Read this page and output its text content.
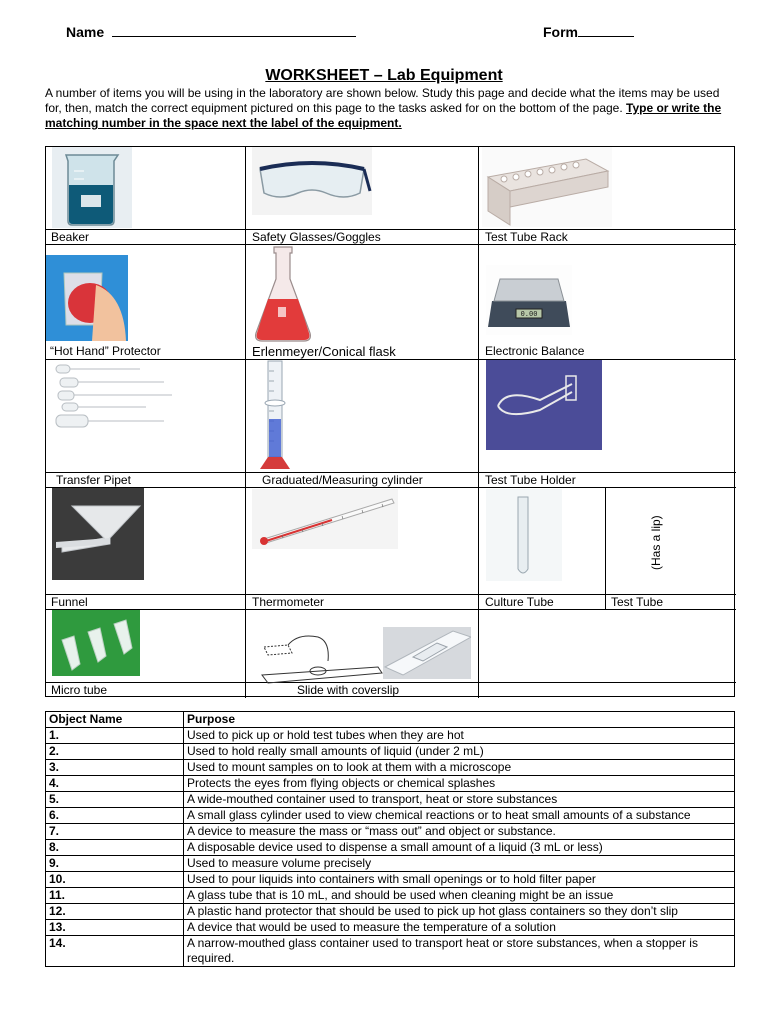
Name	Form
WORKSHEET – Lab Equipment
A number of items you will be using in the laboratory are shown below. Study this page and decide what the items may be used for, then, match the correct equipment pictured on this page to the tasks asked for on the bottom of the page. Type or write the matching number in the space next the label of the equipment.
Beaker	Safety Glasses/Goggles	Test Tube Rack
0.00
“Hot Hand” Protector	Erlenmeyer/Conical flask	Electronic Balance
Transfer Pipet	Graduated/Measuring cylinder	Test Tube Holder
(Has a lip)
Funnel	Thermometer	Culture Tube	Test Tube
Micro tube	Slide with coverslip
Object Name	Purpose
1.	Used to pick up or hold test tubes when they are hot
2.	Used to hold really small amounts of liquid (under 2 mL)
3.	Used to mount samples on to look at them with a microscope
4.	Protects the eyes from flying objects or chemical splashes
5.	A wide-mouthed container used to transport, heat or store substances
6.	A small glass cylinder used to view chemical reactions or to heat small amounts of a substance
7.	A device to measure the mass or “mass out” and object or substance.
8.	A disposable device used to dispense a small amount of a liquid (3 mL or less)
9.	Used to measure volume precisely
10.	Used to pour liquids into containers with small openings or to hold filter paper
11.	A glass tube that is 10 mL, and should be used when cleaning might be an issue
12.	A plastic hand protector that should be used to pick up hot glass containers so they don’t slip
13.	A device that would be used to measure the temperature of a solution
14.	A narrow-mouthed glass container used to transport heat or store substances, when a stopper is required.
